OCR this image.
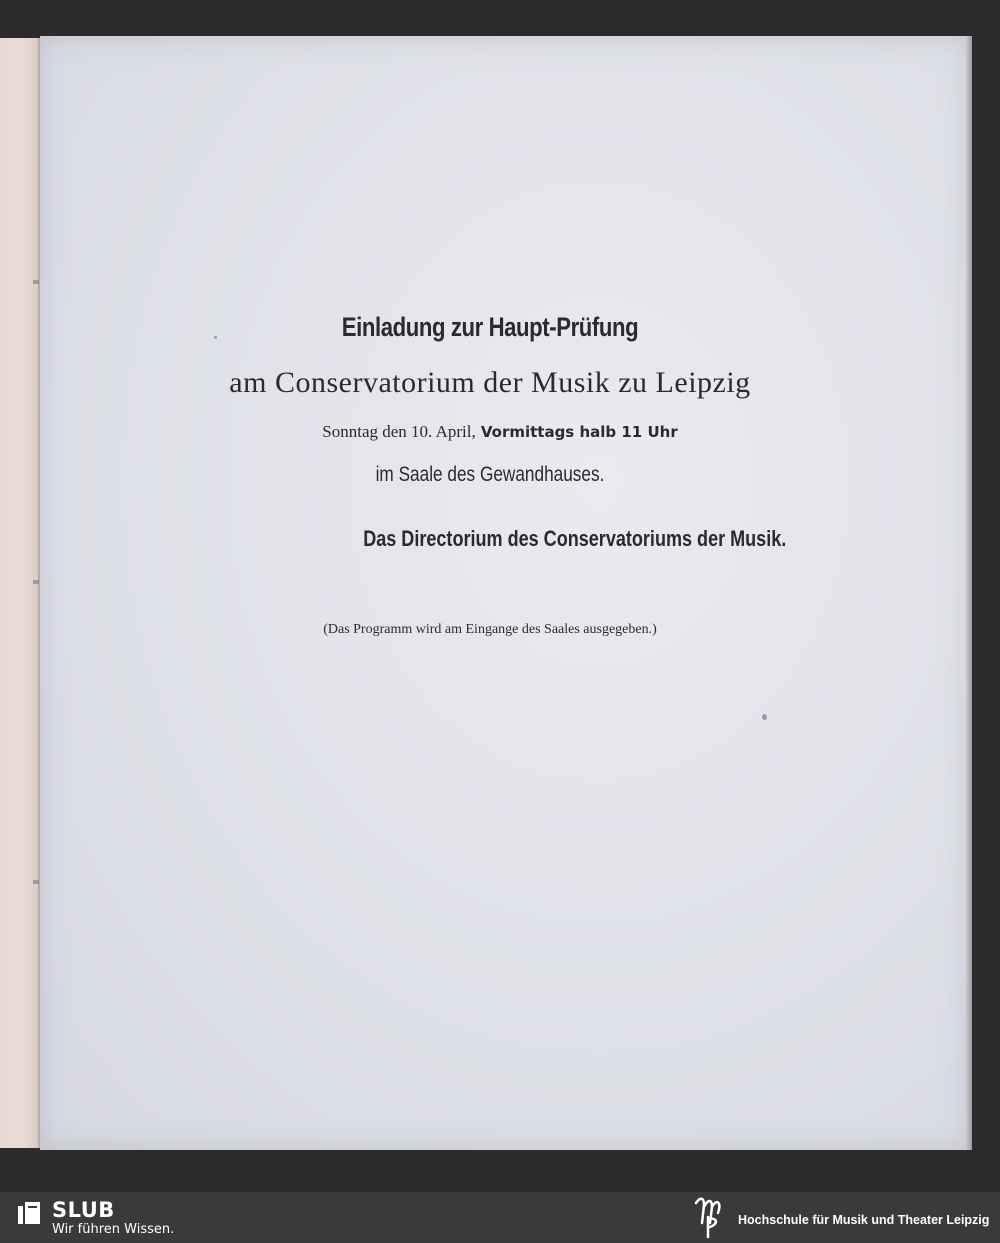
Einladung zur Haupt-Prüfung
am Conservatorium der Musik zu Leipzig
Sonntag den 10. April, Vormittags halb 11 Uhr
im Saale des Gewandhauses.
Das Directorium des Conservatoriums der Musik.
(Das Programm wird am Eingange des Saales ausgegeben.)
SLUB
Wir führen Wissen.
Hochschule für Musik und Theater Leipzig
